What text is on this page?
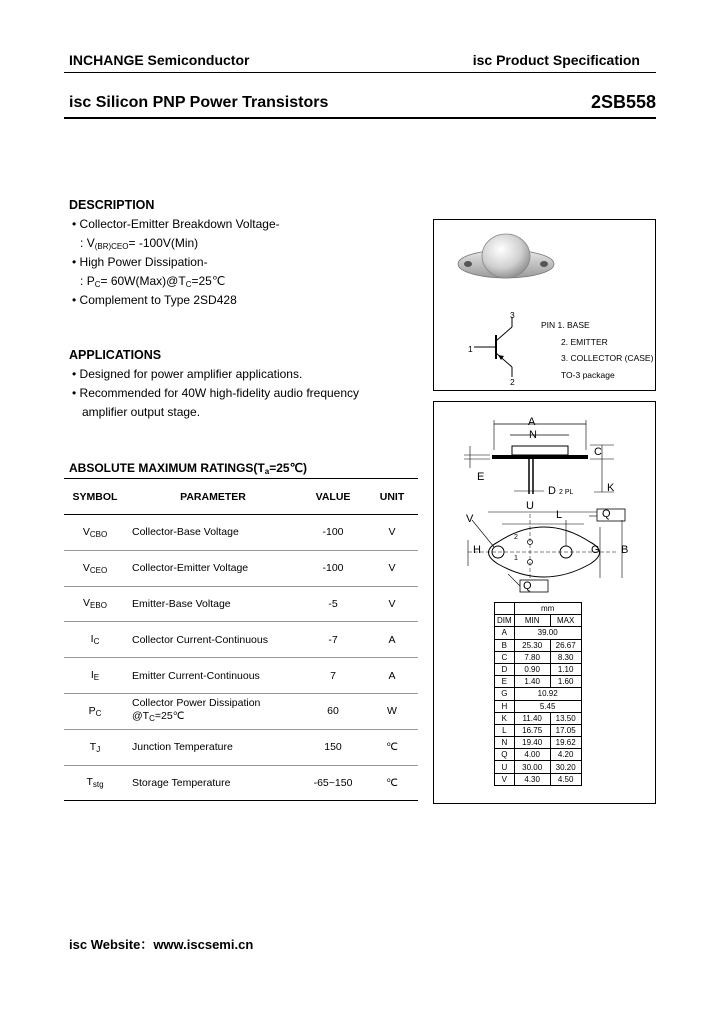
INCHANGE Semiconductor	isc Product Specification
isc Silicon PNP Power Transistors	2SB558
DESCRIPTION
• Collector-Emitter Breakdown Voltage-
: $V_{(BR)CEO}= -100V(Min)$
• High Power Dissipation-
: $P_C=$ $60W(Max)@T_C=25℃$
• Complement to Type 2SD428
APPLICATIONS
• Designed for power amplifier applications.
• Recommended for 40W high-fidelity audio frequency
amplifier output stage.
ABSOLUTE MAXIMUM $RATINGS(T_a=25℃)$
SYMBOL	PARAMETER	VALUE	UNIT
$V_{CBO}$	Collector-Base Voltage	-100	V
$V_{CEO}$	Collector-Emitter Voltage	-100	V
$V_{EBO}$	Emitter-Base Voltage	-5	V
$I_C$	Collector Current-Continuous	-7	A
$I_E$	Emitter Current-Continuous	7	A
$P_C$	Collector Power Dissipation
$@T_C=25℃$	60	W
$T_J$	Junction Temperature	150	℃
$T_{stg}$	Storage Temperature	-65~150	℃
3
1
2
PIN 1. BASE
2. EMITTER
3. COLLECTOR (CASE)
TO-3 package
A
N
C
E
K
D 2 PL
U
L
V	Q
G B
H
Q
2
1
	mm	
DIM	MIN	MAX
A	39.00	
B	25.30	26.67
C	7.80	8.30
D	0.90	1.10
E	1.40	1.60
G	10.92	
H	5.45	
K	11.40	13.50
L	16.75	17.05
N	19.40	19.62
Q	4.00	4.20
U	30.00	30.20
V	4.30	4.50
isc Website：www.iscsemi.cn
